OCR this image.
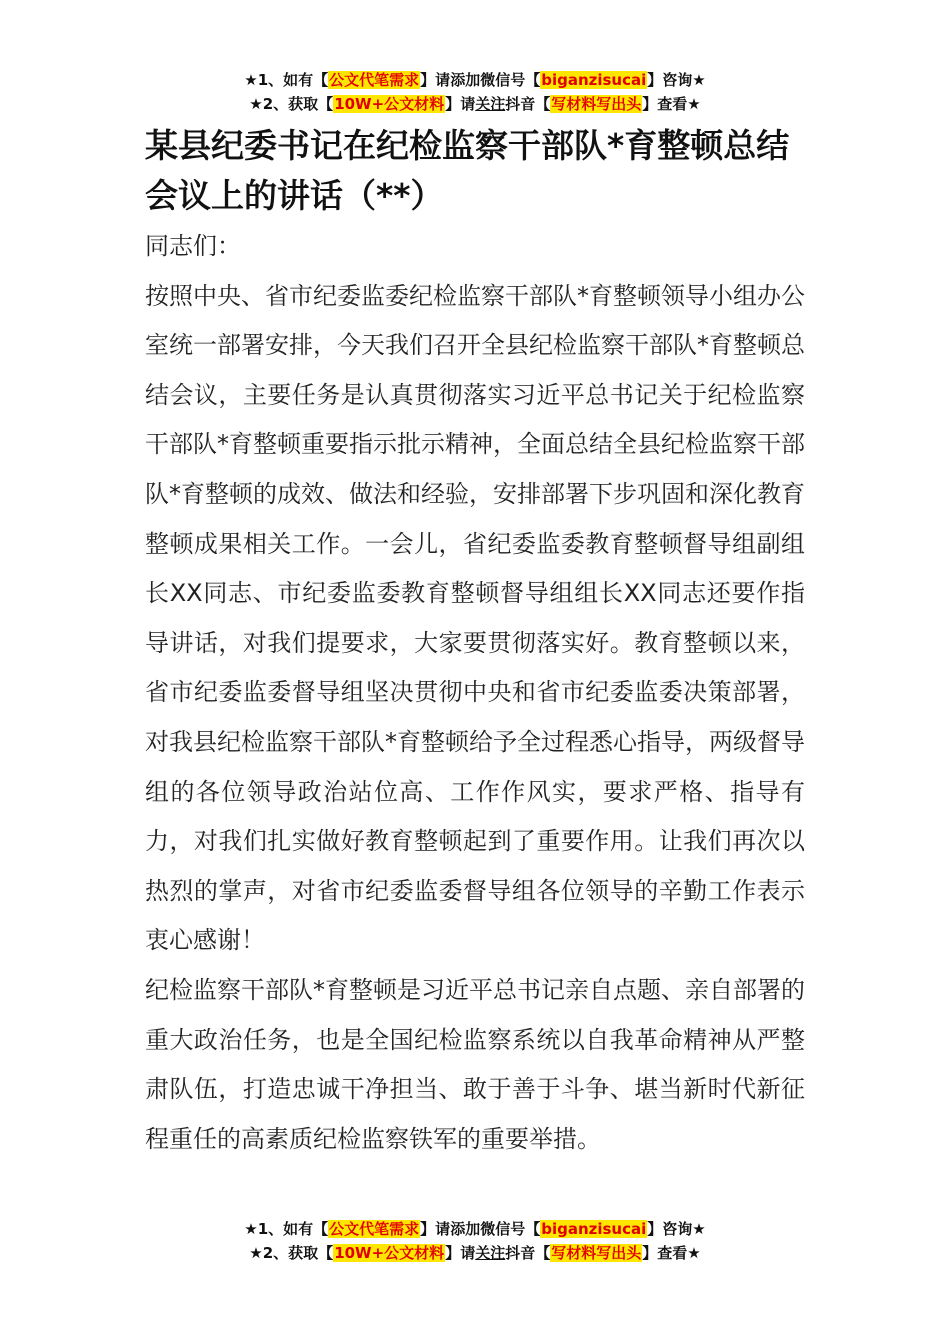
★1、如有【公文代笔需求】请添加微信号【biganzisucai】咨询★
★2、获取【10W+公文材料】请关注抖音【写材料写出头】查看★
某县纪委书记在纪检监察干部队*育整顿总结会议上的讲话（**）

同志们：

按照中央、省市纪委监委纪检监察干部队*育整顿领导小组办公室统一部署安排，今天我们召开全县纪检监察干部队*育整顿总结会议，主要任务是认真贯彻落实习近平总书记关于纪检监察干部队*育整顿重要指示批示精神，全面总结全县纪检监察干部队*育整顿的成效、做法和经验，安排部署下步巩固和深化教育整顿成果相关工作。一会儿，省纪委监委教育整顿督导组副组长XX同志、市纪委监委教育整顿督导组组长XX同志还要作指导讲话，对我们提要求，大家要贯彻落实好。教育整顿以来，省市纪委监委督导组坚决贯彻中央和省市纪委监委决策部署，对我县纪检监察干部队*育整顿给予全过程悉心指导，两级督导组的各位领导政治站位高、工作作风实，要求严格、指导有力，对我们扎实做好教育整顿起到了重要作用。让我们再次以热烈的掌声，对省市纪委监委督导组各位领导的辛勤工作表示衷心感谢！

纪检监察干部队*育整顿是习近平总书记亲自点题、亲自部署的重大政治任务，也是全国纪检监察系统以自我革命精神从严整肃队伍，打造忠诚干净担当、敢于善于斗争、堪当新时代新征程重任的高素质纪检监察铁军的重要举措。

★1、如有【公文代笔需求】请添加微信号【biganzisucai】咨询★
★2、获取【10W+公文材料】请关注抖音【写材料写出头】查看★
